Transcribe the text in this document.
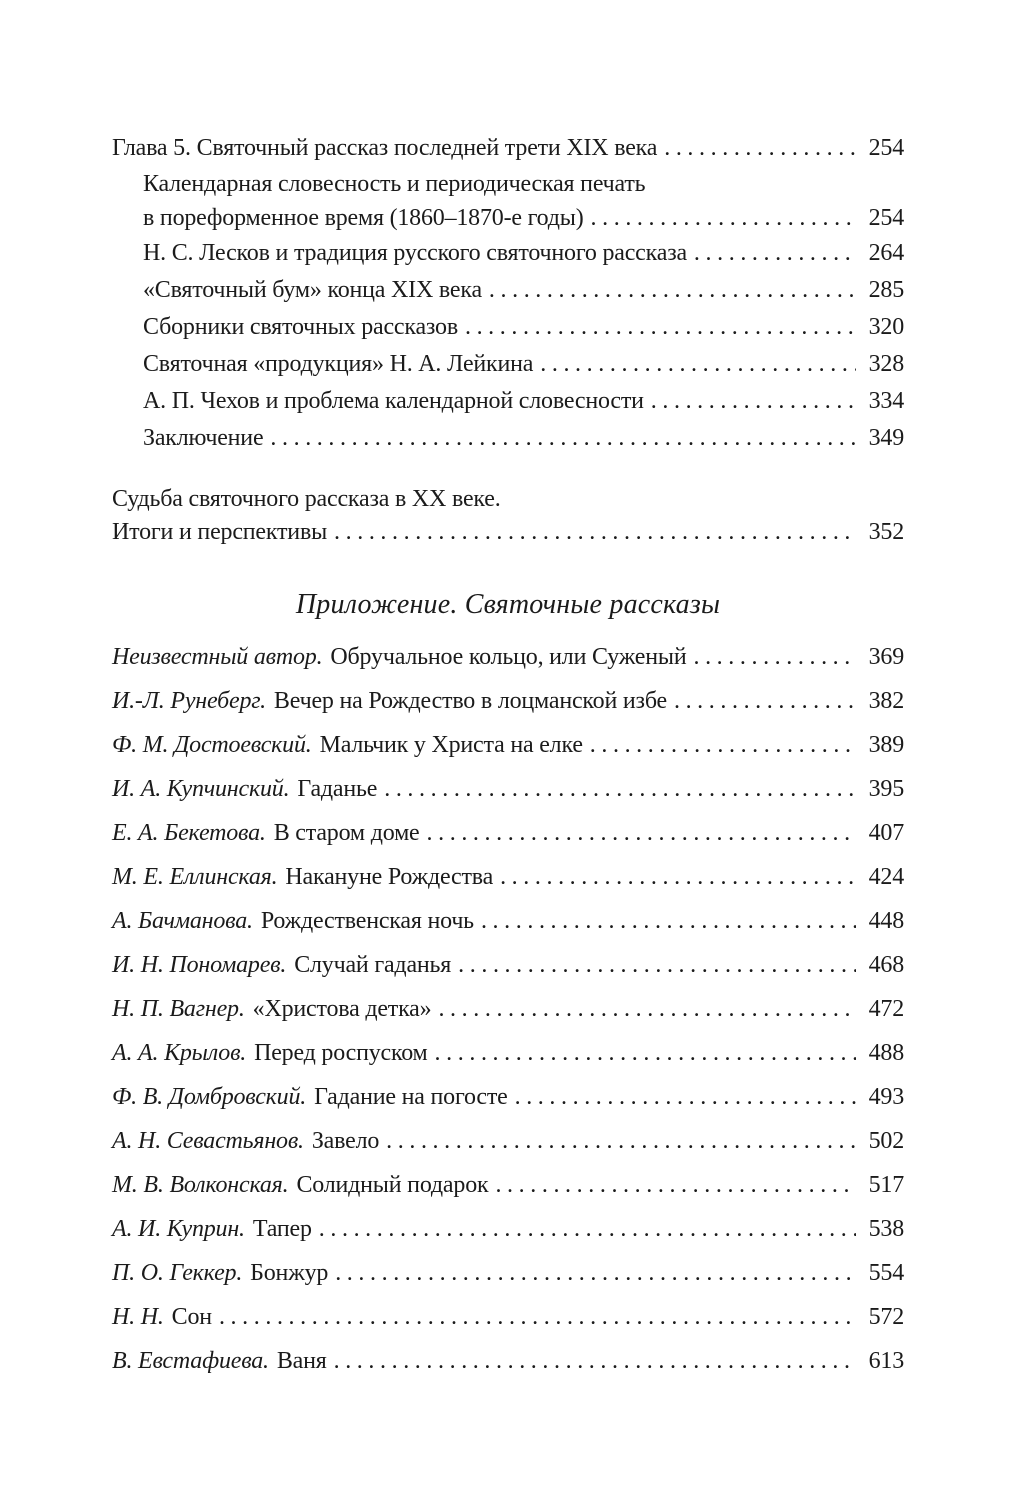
Глава 5. Святочный рассказ последней трети XIX века . . .	254
Календарная словесность и периодическая печать
в пореформенное время (1860–1870-е годы) . . .	254
Н. С. Лесков и традиция русского святочного рассказа . . .	264
«Святочный бум» конца XIX века . . .	285
Сборники святочных рассказов . . .	320
Святочная «продукция» Н. А. Лейкина . . .	328
А. П. Чехов и проблема календарной словесности . . .	334
Заключение . . .	349
Судьба святочного рассказа в XX веке.
Итоги и перспективы . . .	352
Приложение. Святочные рассказы
Неизвестный автор. Обручальное кольцо, или Суженый . . .	369
И.-Л. Рунеберг. Вечер на Рождество в лоцманской избе . . .	382
Ф. М. Достоевский. Мальчик у Христа на елке . . .	389
И. А. Купчинский. Гаданье . . .	395
Е. А. Бекетова. В старом доме . . .	407
М. Е. Еллинская. Накануне Рождества . . .	424
А. Бачманова. Рождественская ночь . . .	448
И. Н. Пономарев. Случай гаданья . . .	468
Н. П. Вагнер. «Христова детка» . . .	472
А. А. Крылов. Перед роспуском . . .	488
Ф. В. Домбровский. Гадание на погосте . . .	493
А. Н. Севастьянов. Завело . . .	502
М. В. Волконская. Солидный подарок . . .	517
А. И. Куприн. Тапер . . .	538
П. О. Геккер. Бонжур . . .	554
Н. Н. Сон . . .	572
В. Евстафиева. Ваня . . .	613
